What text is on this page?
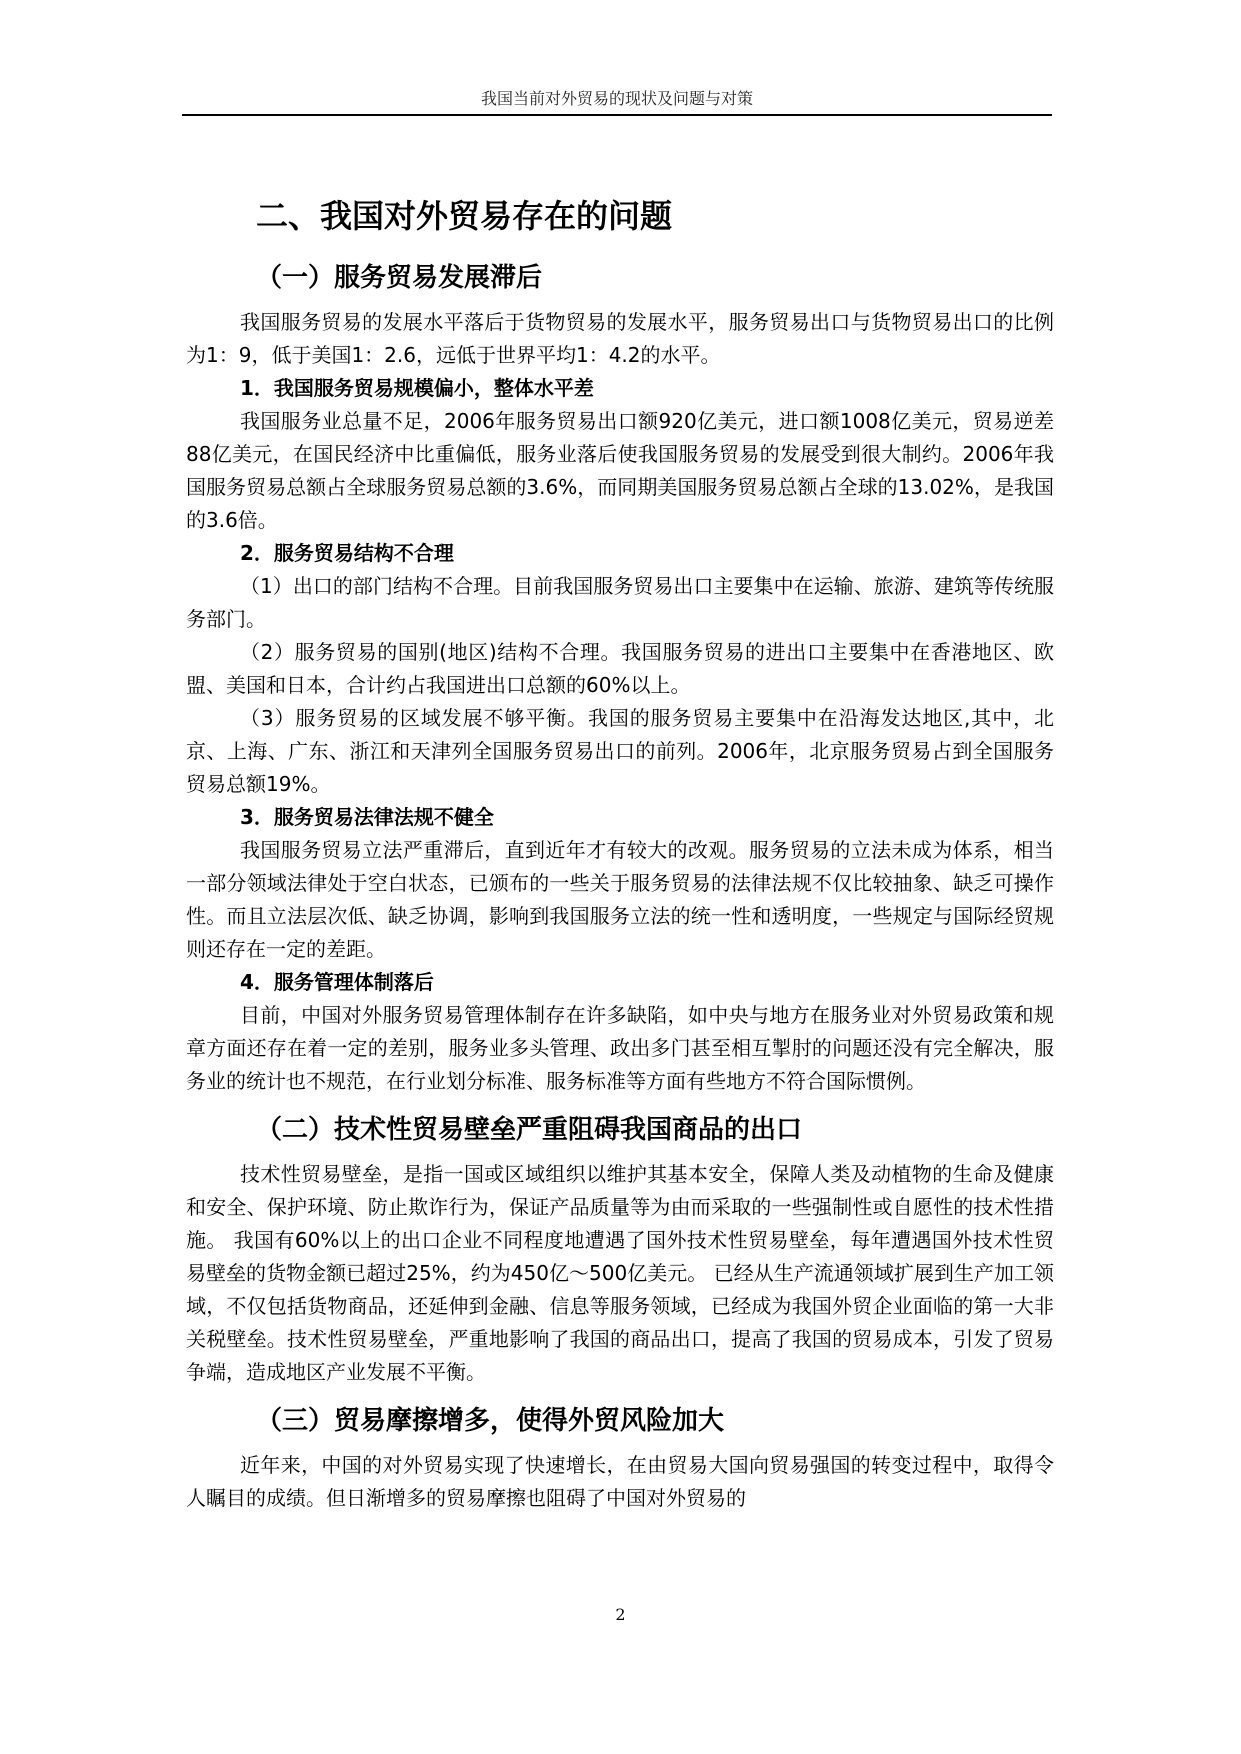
我国当前对外贸易的现状及问题与对策
二、我国对外贸易存在的问题
（一）服务贸易发展滞后

我国服务贸易的发展水平落后于货物贸易的发展水平，服务贸易出口与货物贸易出口的比例为1：9，低于美国1：2.6，远低于世界平均1：4.2的水平。

1．我国服务贸易规模偏小，整体水平差

我国服务业总量不足，2006年服务贸易出口额920亿美元，进口额1008亿美元，贸易逆差88亿美元，在国民经济中比重偏低，服务业落后使我国服务贸易的发展受到很大制约。2006年我国服务贸易总额占全球服务贸易总额的3.6%，而同期美国服务贸易总额占全球的13.02%，是我国的3.6倍。

2．服务贸易结构不合理

（1）出口的部门结构不合理。目前我国服务贸易出口主要集中在运输、旅游、建筑等传统服务部门。

（2）服务贸易的国别(地区)结构不合理。我国服务贸易的进出口主要集中在香港地区、欧盟、美国和日本，合计约占我国进出口总额的60%以上。

（3）服务贸易的区域发展不够平衡。我国的服务贸易主要集中在沿海发达地区,其中，北京、上海、广东、浙江和天津列全国服务贸易出口的前列。2006年，北京服务贸易占到全国服务贸易总额19%。

3．服务贸易法律法规不健全

我国服务贸易立法严重滞后，直到近年才有较大的改观。服务贸易的立法未成为体系，相当一部分领域法律处于空白状态，已颁布的一些关于服务贸易的法律法规不仅比较抽象、缺乏可操作性。而且立法层次低、缺乏协调，影响到我国服务立法的统一性和透明度，一些规定与国际经贸规则还存在一定的差距。

4．服务管理体制落后

目前，中国对外服务贸易管理体制存在许多缺陷，如中央与地方在服务业对外贸易政策和规章方面还存在着一定的差别，服务业多头管理、政出多门甚至相互掣肘的问题还没有完全解决，服务业的统计也不规范，在行业划分标准、服务标准等方面有些地方不符合国际惯例。

（二）技术性贸易壁垒严重阻碍我国商品的出口

技术性贸易壁垒，是指一国或区域组织以维护其基本安全，保障人类及动植物的生命及健康和安全、保护环境、防止欺诈行为，保证产品质量等为由而采取的一些强制性或自愿性的技术性措施。 我国有60%以上的出口企业不同程度地遭遇了国外技术性贸易壁垒，每年遭遇国外技术性贸易壁垒的货物金额已超过25%，约为450亿～500亿美元。 已经从生产流通领域扩展到生产加工领域，不仅包括货物商品，还延伸到金融、信息等服务领域，已经成为我国外贸企业面临的第一大非关税壁垒。技术性贸易壁垒，严重地影响了我国的商品出口，提高了我国的贸易成本，引发了贸易争端，造成地区产业发展不平衡。

（三）贸易摩擦增多，使得外贸风险加大

近年来，中国的对外贸易实现了快速增长，在由贸易大国向贸易强国的转变过程中，取得令人瞩目的成绩。但日渐增多的贸易摩擦也阻碍了中国对外贸易的

2
